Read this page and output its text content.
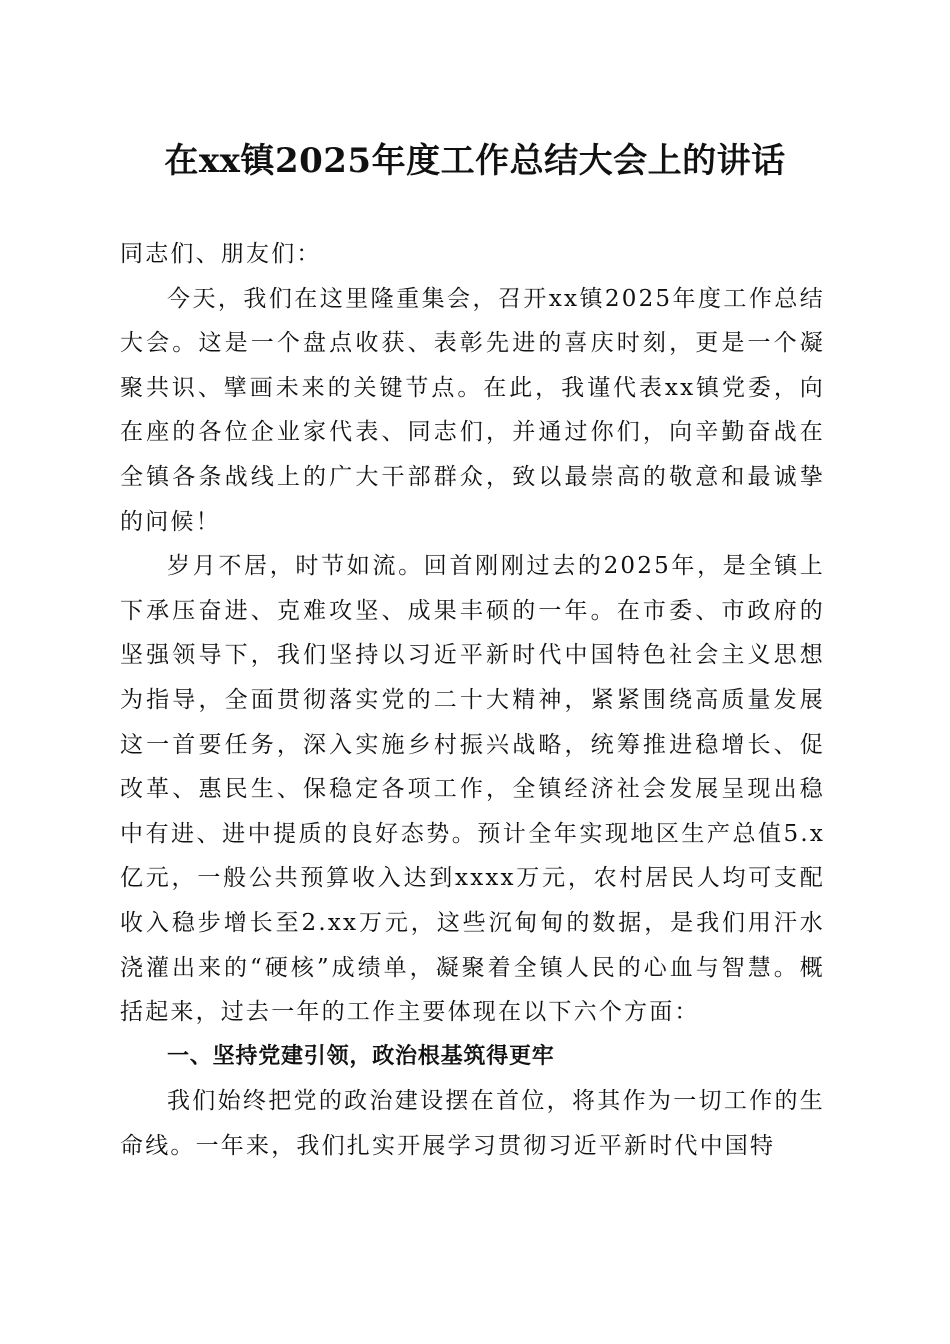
在xx镇2025年度工作总结大会上的讲话

同志们、朋友们：

今天，我们在这里隆重集会，召开xx镇2025年度工作总结大会。这是一个盘点收获、表彰先进的喜庆时刻，更是一个凝聚共识、擘画未来的关键节点。在此，我谨代表xx镇党委，向在座的各位企业家代表、同志们，并通过你们，向辛勤奋战在全镇各条战线上的广大干部群众，致以最崇高的敬意和最诚挚的问候！

岁月不居，时节如流。回首刚刚过去的2025年，是全镇上下承压奋进、克难攻坚、成果丰硕的一年。在市委、市政府的坚强领导下，我们坚持以习近平新时代中国特色社会主义思想为指导，全面贯彻落实党的二十大精神，紧紧围绕高质量发展这一首要任务，深入实施乡村振兴战略，统筹推进稳增长、促改革、惠民生、保稳定各项工作，全镇经济社会发展呈现出稳中有进、进中提质的良好态势。预计全年实现地区生产总值5.x亿元，一般公共预算收入达到xxxx万元，农村居民人均可支配收入稳步增长至2.xx万元，这些沉甸甸的数据，是我们用汗水浇灌出来的“硬核”成绩单，凝聚着全镇人民的心血与智慧。概括起来，过去一年的工作主要体现在以下六个方面：

一、坚持党建引领，政治根基筑得更牢

我们始终把党的政治建设摆在首位，将其作为一切工作的生命线。一年来，我们扎实开展学习贯彻习近平新时代中国特
